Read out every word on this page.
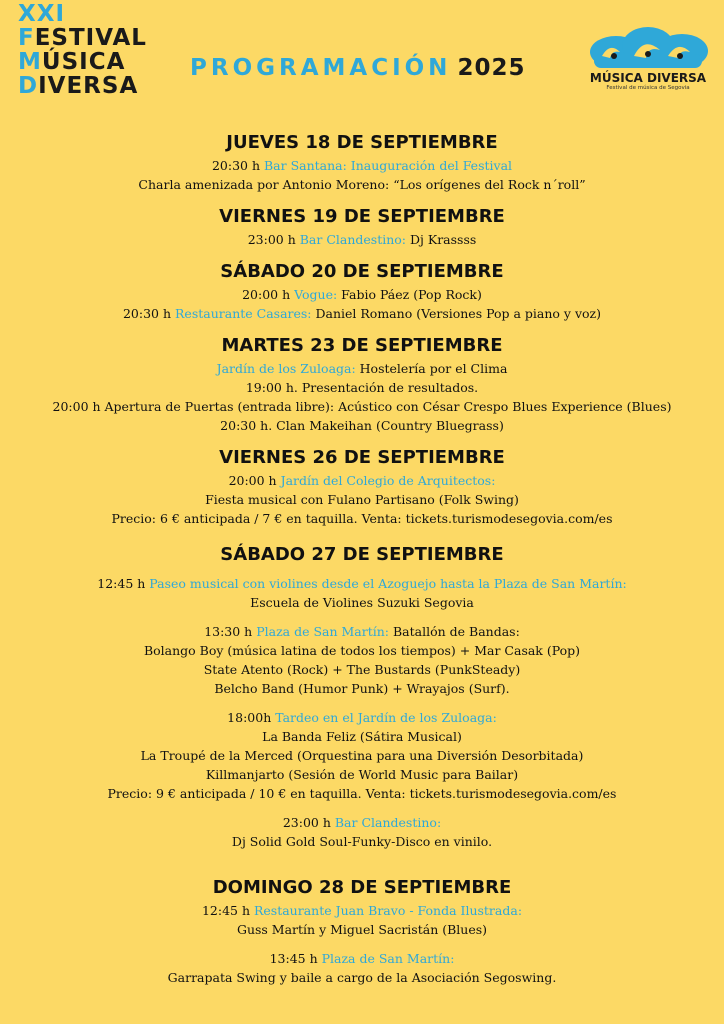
XXI
FESTIVAL
MÚSICA
DIVERSA
PROGRAMACIÓN 2025	MÚSICA DIVERSA
Festival de música de Segovia
JUEVES 18 DE SEPTIEMBRE
20:30 h Bar Santana: Inauguración del Festival
Charla amenizada por Antonio Moreno: “Los orígenes del Rock n´roll”
VIERNES 19 DE SEPTIEMBRE
23:00 h Bar Clandestino: Dj Krassss
SÁBADO 20 DE SEPTIEMBRE
20:00 h Vogue: Fabio Páez (Pop Rock)
20:30 h Restaurante Casares: Daniel Romano (Versiones Pop a piano y voz)
MARTES 23 DE SEPTIEMBRE
Jardín de los Zuloaga: Hostelería por el Clima
19:00 h. Presentación de resultados.
20:00 h Apertura de Puertas (entrada libre): Acústico con César Crespo Blues Experience (Blues)
20:30 h. Clan Makeihan (Country Bluegrass)
VIERNES 26 DE SEPTIEMBRE
20:00 h Jardín del Colegio de Arquitectos:
Fiesta musical con Fulano Partisano (Folk Swing)
Precio: 6 € anticipada / 7 € en taquilla. Venta: tickets.turismodesegovia.com/es
SÁBADO 27 DE SEPTIEMBRE
12:45 h Paseo musical con violines desde el Azoguejo hasta la Plaza de San Martín:
Escuela de Violines Suzuki Segovia
13:30 h Plaza de San Martín: Batallón de Bandas:
Bolango Boy (música latina de todos los tiempos) + Mar Casak (Pop)
State Atento (Rock) + The Bustards (PunkSteady)
Belcho Band (Humor Punk) + Wrayajos (Surf).
18:00h Tardeo en el Jardín de los Zuloaga:
La Banda Feliz (Sátira Musical)
La Troupé de la Merced (Orquestina para una Diversión Desorbitada)
Killmanjarto (Sesión de World Music para Bailar)
Precio: 9 € anticipada / 10 € en taquilla. Venta: tickets.turismodesegovia.com/es
23:00 h Bar Clandestino:
Dj Solid Gold Soul-Funky-Disco en vinilo.
DOMINGO 28 DE SEPTIEMBRE
12:45 h Restaurante Juan Bravo - Fonda Ilustrada:
Guss Martín y Miguel Sacristán (Blues)
13:45 h Plaza de San Martín:
Garrapata Swing y baile a cargo de la Asociación Segoswing.
